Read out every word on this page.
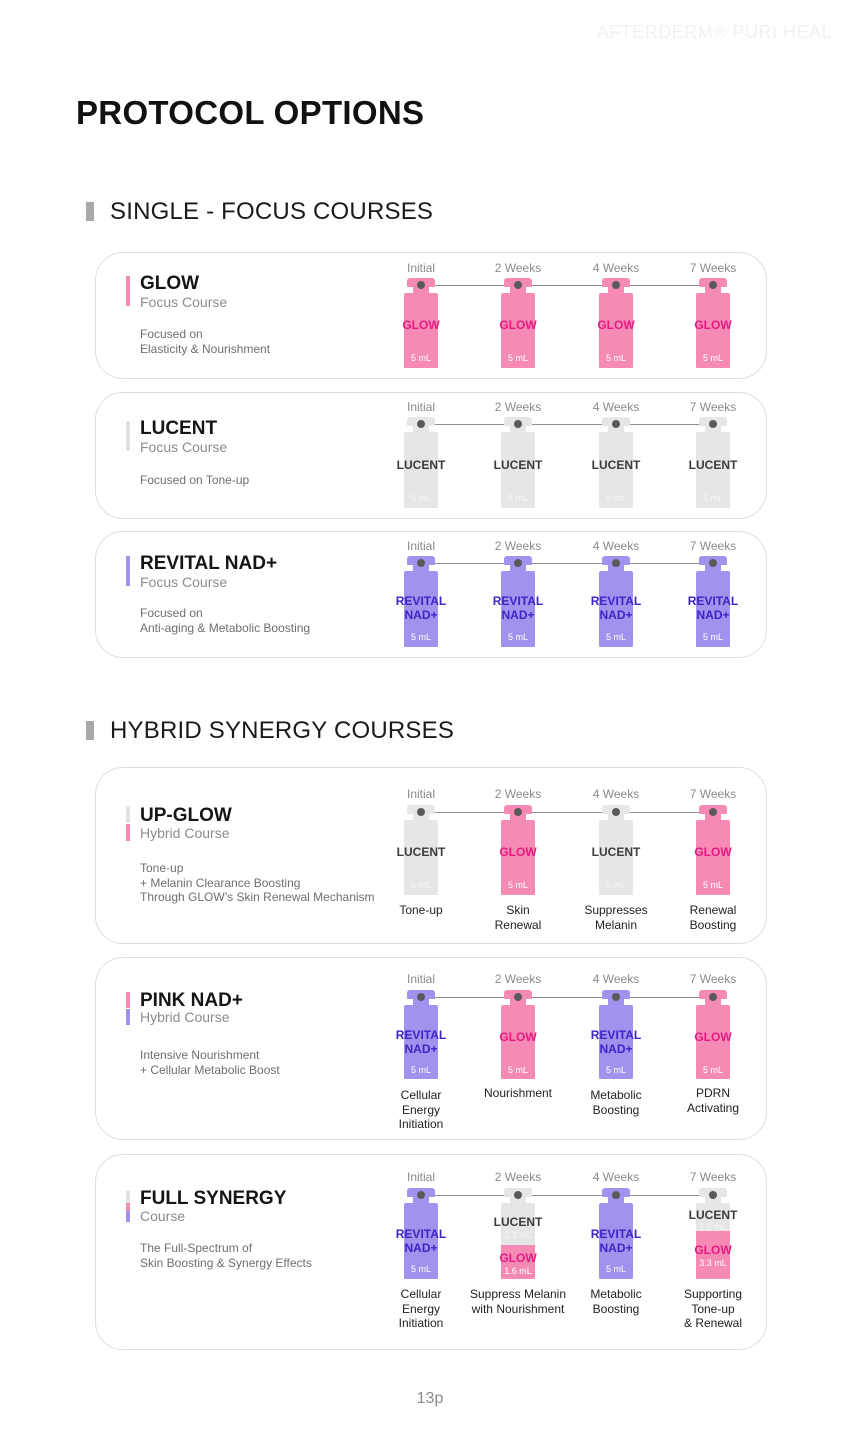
AFTERDERM® PURI HEAL
PROTOCOL OPTIONS
SINGLE - FOCUS COURSES
HYBRID SYNERGY COURSES
GLOW
Focus Course
Focused on
Elasticity & Nourishment
Initial
GLOW
5 mL
2 Weeks
GLOW
5 mL
4 Weeks
GLOW
5 mL
7 Weeks
GLOW
5 mL
LUCENT
Focus Course
Focused on Tone-up
Initial
LUCENT
5 mL
2 Weeks
LUCENT
5 mL
4 Weeks
LUCENT
5 mL
7 Weeks
LUCENT
5 mL
REVITAL NAD+
Focus Course
Focused on
Anti-aging & Metabolic Boosting
Initial
REVITAL
NAD+
5 mL
2 Weeks
REVITAL
NAD+
5 mL
4 Weeks
REVITAL
NAD+
5 mL
7 Weeks
REVITAL
NAD+
5 mL
UP-GLOW
Hybrid Course
Tone-up
+ Melanin Clearance Boosting
Through GLOW’s Skin Renewal Mechanism
Initial
LUCENT
5 mL
Tone-up
2 Weeks
GLOW
5 mL
Skin
Renewal
4 Weeks
LUCENT
5 mL
Suppresses
Melanin
7 Weeks
GLOW
5 mL
Renewal
Boosting
PINK NAD+
Hybrid Course
Intensive Nourishment
+ Cellular Metabolic Boost
Initial
REVITAL
NAD+
5 mL
Cellular
Energy
Initiation
2 Weeks
GLOW
5 mL
Nourishment
4 Weeks
REVITAL
NAD+
5 mL
Metabolic
Boosting
7 Weeks
GLOW
5 mL
PDRN
Activating
FULL SYNERGY
Course
The Full-Spectrum of
Skin Boosting & Synergy Effects
Initial
REVITAL
NAD+
5 mL
Cellular
Energy
Initiation
2 Weeks
LUCENT
3.3 mL
GLOW
1.6 mL
Suppress Melanin
with Nourishment
4 Weeks
REVITAL
NAD+
5 mL
Metabolic
Boosting
7 Weeks
LUCENT
1.6 mL
GLOW
3.3 mL
Supporting
Tone-up
& Renewal
13p
